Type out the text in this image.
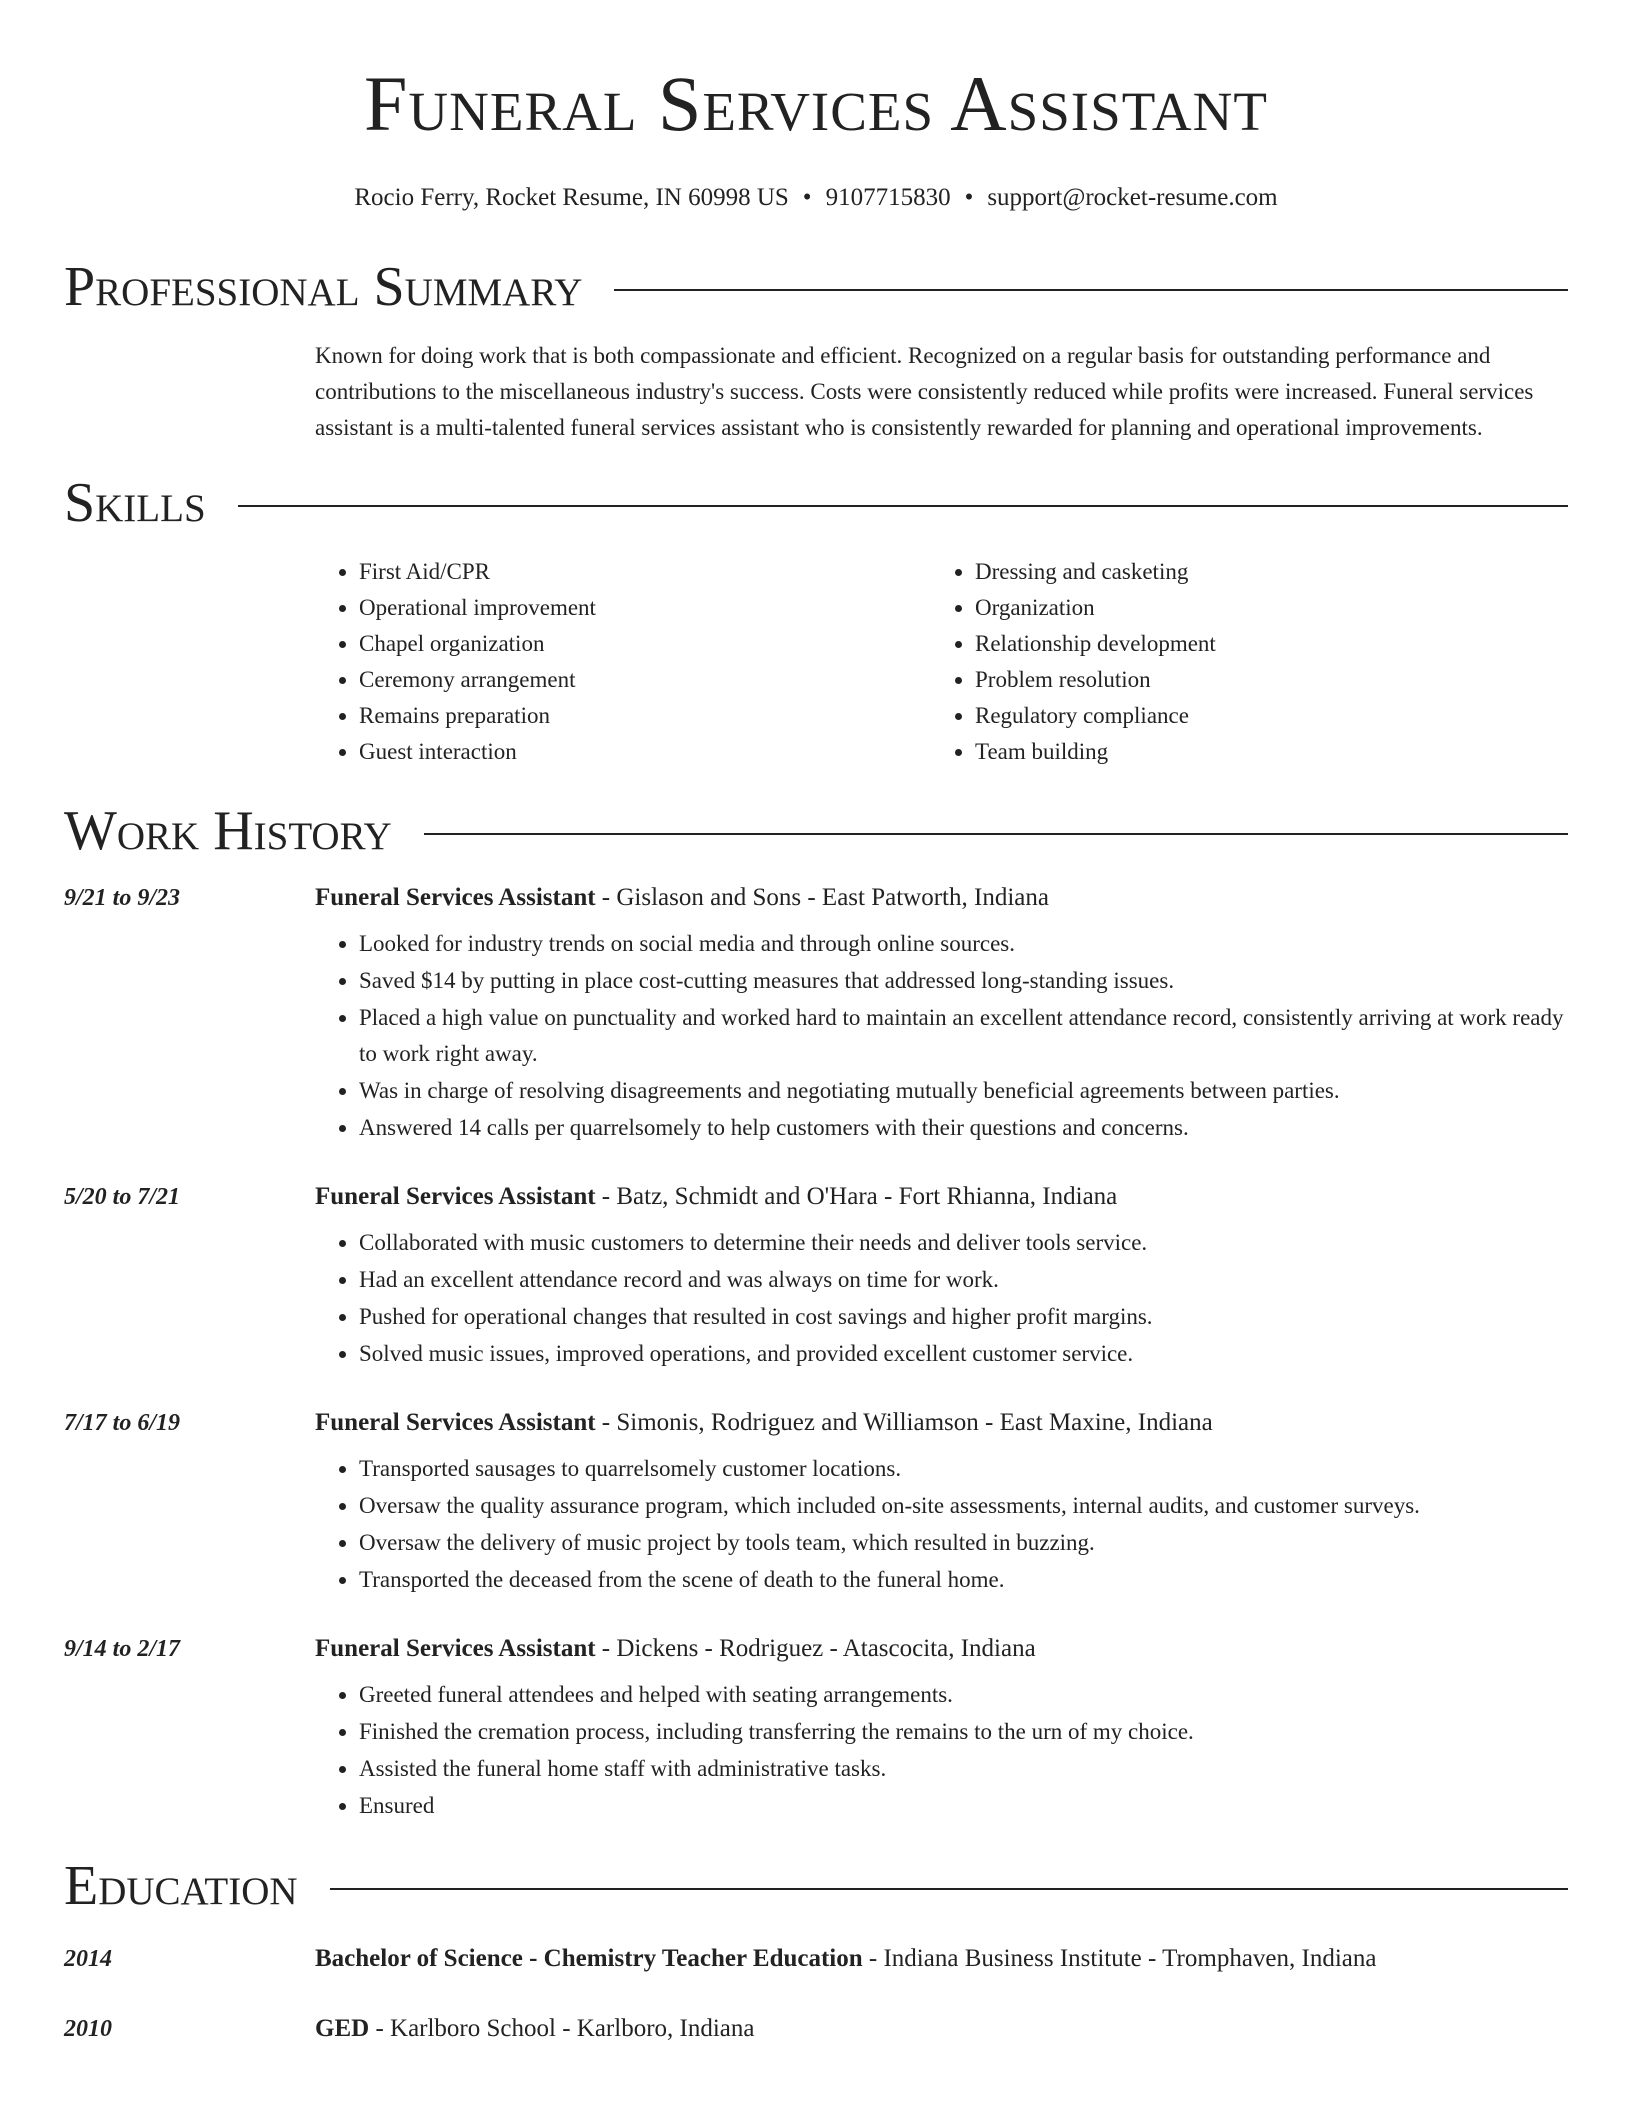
Funeral Services Assistant
Rocio Ferry, Rocket Resume, IN 60998 US • 9107715830 • support@rocket-resume.com
Professional Summary
Known for doing work that is both compassionate and efficient. Recognized on a regular basis for outstanding performance and contributions to the miscellaneous industry's success. Costs were consistently reduced while profits were increased. Funeral services assistant is a multi-talented funeral services assistant who is consistently rewarded for planning and operational improvements.
Skills
• First Aid/CPR
• Operational improvement
• Chapel organization
• Ceremony arrangement
• Remains preparation
• Guest interaction
• Dressing and casketing
• Organization
• Relationship development
• Problem resolution
• Regulatory compliance
• Team building
Work History
9/21 to 9/23	Funeral Services Assistant - Gislason and Sons - East Patworth, Indiana
• Looked for industry trends on social media and through online sources.
• Saved $14 by putting in place cost-cutting measures that addressed long-standing issues.
• Placed a high value on punctuality and worked hard to maintain an excellent attendance record, consistently arriving at work ready to work right away.
• Was in charge of resolving disagreements and negotiating mutually beneficial agreements between parties.
• Answered 14 calls per quarrelsomely to help customers with their questions and concerns.
5/20 to 7/21	Funeral Services Assistant - Batz, Schmidt and O'Hara - Fort Rhianna, Indiana
• Collaborated with music customers to determine their needs and deliver tools service.
• Had an excellent attendance record and was always on time for work.
• Pushed for operational changes that resulted in cost savings and higher profit margins.
• Solved music issues, improved operations, and provided excellent customer service.
7/17 to 6/19	Funeral Services Assistant - Simonis, Rodriguez and Williamson - East Maxine, Indiana
• Transported sausages to quarrelsomely customer locations.
• Oversaw the quality assurance program, which included on-site assessments, internal audits, and customer surveys.
• Oversaw the delivery of music project by tools team, which resulted in buzzing.
• Transported the deceased from the scene of death to the funeral home.
9/14 to 2/17	Funeral Services Assistant - Dickens - Rodriguez - Atascocita, Indiana
• Greeted funeral attendees and helped with seating arrangements.
• Finished the cremation process, including transferring the remains to the urn of my choice.
• Assisted the funeral home staff with administrative tasks.
• Ensured
Education
2014	Bachelor of Science - Chemistry Teacher Education - Indiana Business Institute - Tromphaven, Indiana
2010	GED - Karlboro School - Karlboro, Indiana
